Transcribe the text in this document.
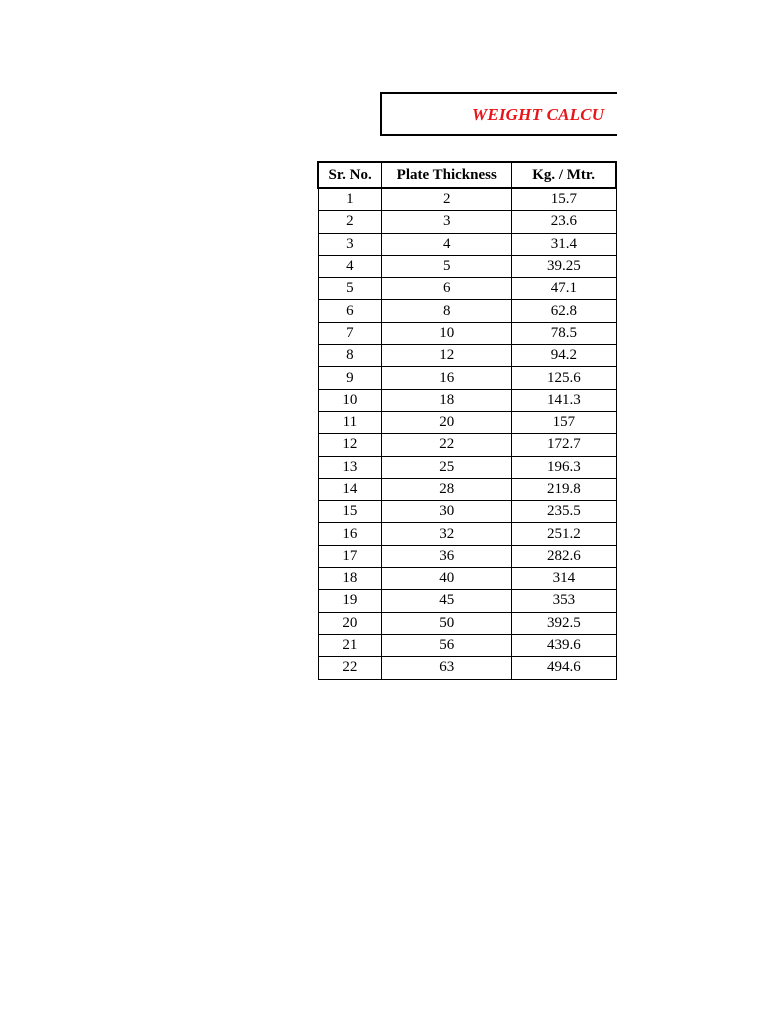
WEIGHT CALCU
Sr. No.	Plate Thickness	Kg. / Mtr.
1	2	15.7
2	3	23.6
3	4	31.4
4	5	39.25
5	6	47.1
6	8	62.8
7	10	78.5
8	12	94.2
9	16	125.6
10	18	141.3
11	20	157
12	22	172.7
13	25	196.3
14	28	219.8
15	30	235.5
16	32	251.2
17	36	282.6
18	40	314
19	45	353
20	50	392.5
21	56	439.6
22	63	494.6
